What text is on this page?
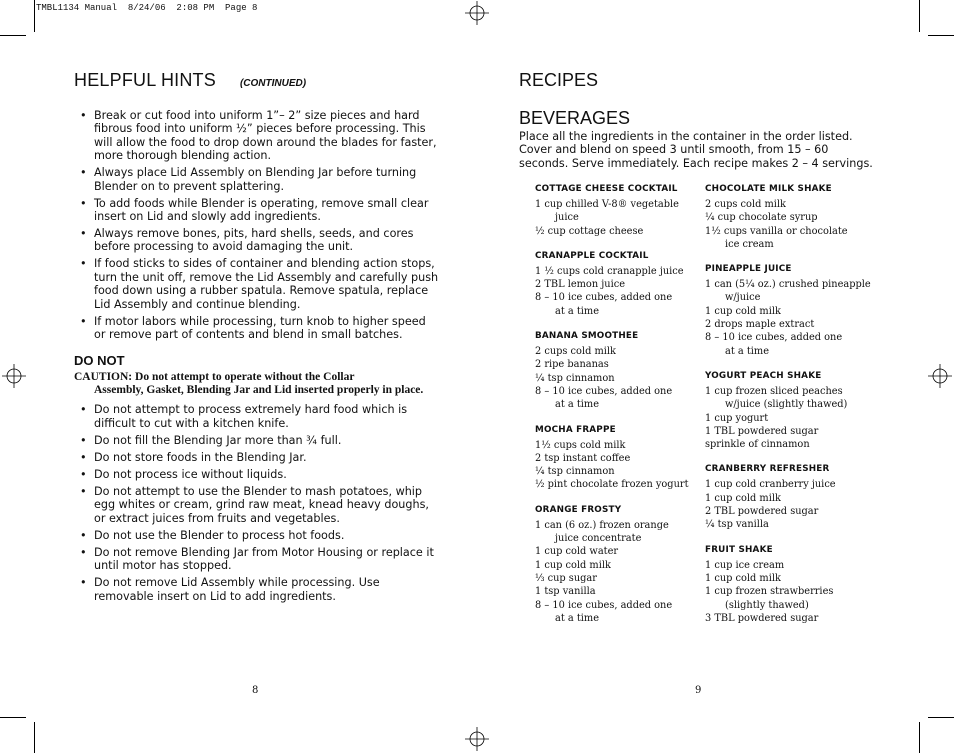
TMBL1134 Manual  8/24/06  2:08 PM  Page 8
HELPFUL HINTS (CONTINUED)
• Break or cut food into uniform 1”– 2” size pieces and hard fibrous food into uniform ½” pieces before processing. This will allow the food to drop down around the blades for faster, more thorough blending action.
• Always place Lid Assembly on Blending Jar before turning Blender on to prevent splattering.
• To add foods while Blender is operating, remove small clear insert on Lid and slowly add ingredients.
• Always remove bones, pits, hard shells, seeds, and cores before processing to avoid damaging the unit.
• If food sticks to sides of container and blending action stops, turn the unit off, remove the Lid Assembly and carefully push food down using a rubber spatula. Remove spatula, replace Lid Assembly and continue blending.
• If motor labors while processing, turn knob to higher speed or remove part of contents and blend in small batches.
DO NOT
CAUTION: Do not attempt to operate without the Collar
Assembly, Gasket, Blending Jar and Lid inserted properly in place.
• Do not attempt to process extremely hard food which is difficult to cut with a kitchen knife.
• Do not fill the Blending Jar more than ¾ full.
• Do not store foods in the Blending Jar.
• Do not process ice without liquids.
• Do not attempt to use the Blender to mash potatoes, whip egg whites or cream, grind raw meat, knead heavy doughs, or extract juices from fruits and vegetables.
• Do not use the Blender to process hot foods.
• Do not remove Blending Jar from Motor Housing or replace it until motor has stopped.
• Do not remove Lid Assembly while processing. Use removable insert on Lid to add ingredients.
8
RECIPES
BEVERAGES
Place all the ingredients in the container in the order listed. Cover and blend on speed 3 until smooth, from 15 – 60 seconds. Serve immediately. Each recipe makes 2 – 4 servings.
COTTAGE CHEESE COCKTAIL
1 cup chilled V-8® vegetable
juice
½ cup cottage cheese
CRANAPPLE COCKTAIL
1 ½ cups cold cranapple juice
2 TBL lemon juice
8 – 10 ice cubes, added one
at a time
BANANA SMOOTHEE
2 cups cold milk
2 ripe bananas
¼ tsp cinnamon
8 – 10 ice cubes, added one
at a time
MOCHA FRAPPE
1½ cups cold milk
2 tsp instant coffee
¼ tsp cinnamon
½ pint chocolate frozen yogurt
ORANGE FROSTY
1 can (6 oz.) frozen orange
juice concentrate
1 cup cold water
1 cup cold milk
⅓ cup sugar
1 tsp vanilla
8 – 10 ice cubes, added one
at a time
CHOCOLATE MILK SHAKE
2 cups cold milk
¼ cup chocolate syrup
1½ cups vanilla or chocolate
ice cream
PINEAPPLE JUICE
1 can (5¼ oz.) crushed pineapple
w/juice
1 cup cold milk
2 drops maple extract
8 – 10 ice cubes, added one
at a time
YOGURT PEACH SHAKE
1 cup frozen sliced peaches
w/juice (slightly thawed)
1 cup yogurt
1 TBL powdered sugar
sprinkle of cinnamon
CRANBERRY REFRESHER
1 cup cold cranberry juice
1 cup cold milk
2 TBL powdered sugar
¼ tsp vanilla
FRUIT SHAKE
1 cup ice cream
1 cup cold milk
1 cup frozen strawberries
(slightly thawed)
3 TBL powdered sugar
9
